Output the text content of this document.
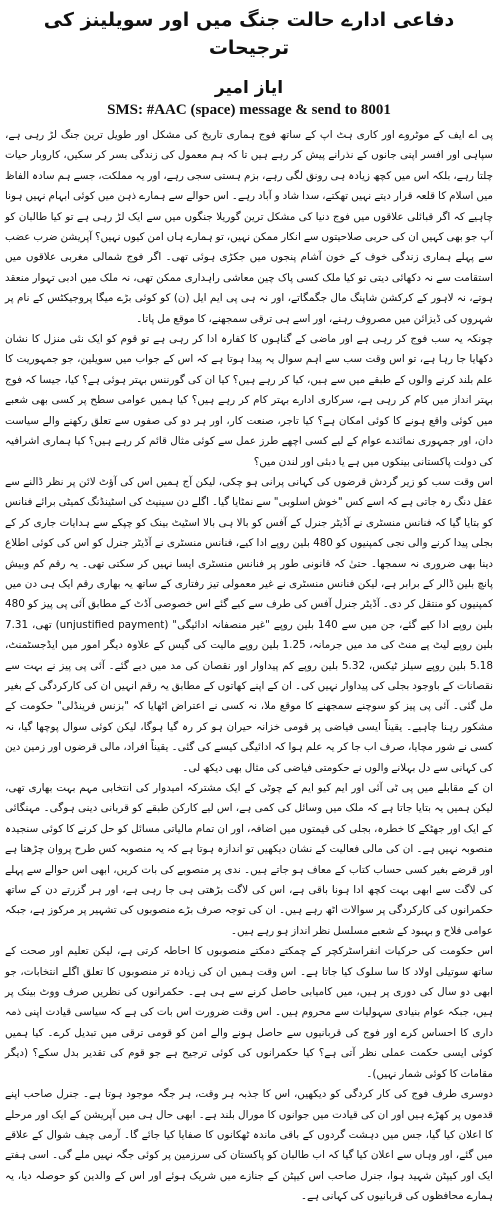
دفاعی ادارے حالت جنگ میں اور سویلینز کی ترجیحات
ایاز امیر
SMS: #AAC (space) message & send to 8001

پی اے ایف کے موٹروے اور کاری ہٹ اپ کے ساتھ فوج ہماری تاریخ کی مشکل اور طویل ترین جنگ لڑ رہی ہے، سپاہی اور افسر اپنی جانوں کے نذرانے پیش کر رہے ہیں تا کہ ہم معمول کی زندگی بسر کر سکیں، کاروبار حیات چلتا رہے، بلکہ اس میں کچھ زیادہ ہی رونق لگی رہے، بزم ہستی سجی رہے، اور یہ مملکت، جسے ہم سادہ الفاظ میں اسلام کا قلعہ قرار دیتے نہیں تھکتے، سدا شاد و آباد رہے۔ اس حوالے سے ہمارے ذہن میں کوئی ابہام نہیں ہونا چاہیے کہ اگر قبائلی علاقوں میں فوج دنیا کی مشکل ترین گوریلا جنگوں میں سے ایک لڑ رہی ہے تو کیا طالبان کو آپ جو بھی کہیں ان کی حربی صلاحیتوں سے انکار ممکن نہیں، تو ہمارے ہاں امن کیوں نہیں؟ آپریشن ضرب عضب سے پہلے ہماری زندگی خوف کے خون آشام پنجوں میں جکڑی ہوئی تھی۔ اگر فوج شمالی مغربی علاقوں میں استقامت سے نہ دکھائی دیتی تو کیا ملک کسی پاک چین معاشی راہداری ممکن تھی، نہ ملک میں ادبی تہوار منعقد ہوتے، نہ لاہور کے کرکشن شاپنگ مال جگمگاتے، اور نہ ہی پی ایم ایل (ن) کو کوئی بڑے میگا پروجیکٹس کے نام پر شہروں کی ڈیزائن میں مصروف رہنے، اور اسے ہی ترقی سمجھنے، کا موقع مل پاتا۔

چونکہ یہ سب فوج کر رہی ہے اور ماضی کے گناہوں کا کفارہ ادا کر رہی ہے تو قوم کو ایک نئی منزل کا نشان دکھایا جا رہا ہے، تو اس وقت سب سے اہم سوال یہ پیدا ہوتا ہے کہ اس کے جواب میں سویلین، جو جمہوریت کا علم بلند کرنے والوں کے طبقے میں سے ہیں، کیا کر رہے ہیں؟ کیا ان کی گورننس بہتر ہوئی ہے؟ کیا، جیسا کہ فوج بہتر انداز میں کام کر رہی ہے، سرکاری ادارے بہتر کام کر رہے ہیں؟ کیا ہمیں عوامی سطح پر کسی بھی شعبے میں کوئی واقع ہونے کا کوئی امکان ہے؟ کیا تاجر، صنعت کار، اور ہر دو کی صفوں سے تعلق رکھنے والے سیاست دان، اور جمہوری نمائندے عوام کے لیے کسی اچھے طرز عمل سے کوئی مثال قائم کر رہے ہیں؟ کیا ہماری اشرافیہ کی دولت پاکستانی بینکوں میں ہے یا دبئی اور لندن میں؟

اس وقت سب کو زیر گردش قرضوں کی کہانی پرانی ہو چکی، لیکن آج ہمیں اس کی آؤٹ لائن پر نظر ڈالنے سے عقل دنگ رہ جاتی ہے کہ اسے کس "خوش اسلوبی" سے نمٹایا گیا۔ اگلے دن سینیٹ کی اسٹینڈنگ کمیٹی برائے فنانس کو بتایا گیا کہ فنانس منسٹری نے آڈیٹر جنرل کے آفس کو بالا ہی بالا اسٹیٹ بینک کو چپکے سے ہدایات جاری کر کے بجلی پیدا کرنے والی نجی کمپنیوں کو 480 بلین روپے ادا کیے، فنانس منسٹری نے آڈیٹر جنرل کو اس کی کوئی اطلاع دینا بھی ضروری نہ سمجھا۔ حتیٰ کہ قانونی طور پر فنانس منسٹری ایسا نہیں کر سکتی تھی۔ یہ رقم کم وبیش پانچ بلین ڈالر کے برابر ہے، لیکن فنانس منسٹری نے غیر معمولی تیز رفتاری کے ساتھ یہ بھاری رقم ایک ہی دن میں کمپنیوں کو منتقل کر دی۔ آڈیٹر جنرل آفس کی طرف سے کیے گئے اس خصوصی آڈٹ کے مطابق آئی پی پیز کو 480 بلین روپے ادا کیے گئے، جن میں سے 140 بلین روپے "غیر منصفانہ ادائیگی" (unjustified payment) تھی، 7.31 بلین روپے لیٹ پے منٹ کی مد میں جرمانہ، 1.25 بلین روپے مالیت کی گیس کے علاوہ دیگر امور میں ایڈجسٹمنٹ، 5.18 بلین روپے سیلز ٹیکس، 5.32 بلین روپے کم پیداوار اور نقصان کی مد میں دیے گئے۔ آئی پی پیز نے بہت سے نقصانات کے باوجود بجلی کی پیداوار نہیں کی۔ ان کے اپنے کھاتوں کے مطابق یہ رقم انہیں ان کی کارکردگی کے بغیر مل گئی۔ آئی پی پیز کو سوچنے سمجھنے کا موقع ملا، نہ کسی نے اعتراض اٹھایا کہ "بزنس فرینڈلی" حکومت کے مشکور رہنا چاہیے۔ یقیناً ایسی فیاضی پر قومی خزانہ حیران ہو کر رہ گیا ہوگا، لیکن کوئی سوال پوچھا گیا، نہ کسی نے شور مچایا، صرف اب جا کر یہ علم ہوا کہ ادائیگی کیسے کی گئی۔ یقیناً افراد، مالی قرضوں اور زمین دین کی کہانی سے دل بہلانے والوں نے حکومتی فیاضی کی مثال بھی دیکھ لی۔

ان کے مقابلے میں پی ٹی آئی اور ایم کیو ایم کے چوٹی کے ایک مشترکہ امیدوار کی انتخابی مہم بہت بھاری تھی، لیکن ہمیں یہ بتایا جاتا ہے کہ ملک میں وسائل کی کمی ہے، اس لیے کارکن طبقے کو قربانی دینی ہوگی۔ مہنگائی کے ایک اور جھٹکے کا خطرہ، بجلی کی قیمتوں میں اضافہ، اور ان تمام مالیاتی مسائل کو حل کرنے کا کوئی سنجیدہ منصوبہ نہیں ہے۔ ان کی مالی فعالیت کے نشان دیکھیں تو اندازہ ہوتا ہے کہ یہ منصوبہ کس طرح پروان چڑھتا ہے اور قرضے بغیر کسی حساب کتاب کے معاف ہو جاتے ہیں۔ ندی پر منصوبے کی بات کریں، ابھی اس حوالے سے پہلے کی لاگت سے ابھی بہت کچھ ادا ہونا باقی ہے، اس کی لاگت بڑھتی ہی جا رہی ہے، اور ہر گزرتے دن کے ساتھ حکمرانوں کی کارکردگی پر سوالات اٹھ رہے ہیں۔ ان کی توجہ صرف بڑے منصوبوں کی تشہیر پر مرکوز ہے، جبکہ عوامی فلاح و بہبود کے شعبے مسلسل نظر انداز ہو رہے ہیں۔

اس حکومت کی حرکیات انفراسٹرکچر کے چمکتے دمکتے منصوبوں کا احاطہ کرتی ہے، لیکن تعلیم اور صحت کے ساتھ سوتیلی اولاد کا سا سلوک کیا جاتا ہے۔ اس وقت ہمیں ان کی زیادہ تر منصوبوں کا تعلق اگلے انتخابات، جو ابھی دو سال کی دوری پر ہیں، میں کامیابی حاصل کرنے سے ہی ہے۔ حکمرانوں کی نظریں صرف ووٹ بینک پر ہیں، جبکہ عوام بنیادی سہولیات سے محروم ہیں۔ اس وقت ضرورت اس بات کی ہے کہ سیاسی قیادت اپنی ذمہ داری کا احساس کرے اور فوج کی قربانیوں سے حاصل ہونے والے امن کو قومی ترقی میں تبدیل کرے۔ کیا ہمیں کوئی ایسی حکمت عملی نظر آتی ہے؟ کیا حکمرانوں کی کوئی ترجیح ہے جو قوم کی تقدیر بدل سکے؟ (دیگر مقامات کا کوئی شمار نہیں)۔

دوسری طرف فوج کی کار کردگی کو دیکھیں، اس کا جذبہ ہر وقت، ہر جگہ موجود ہوتا ہے۔ جنرل صاحب اپنے قدموں پر کھڑے ہیں اور ان کی قیادت میں جوانوں کا مورال بلند ہے۔ ابھی حال ہی میں آپریشن کے ایک اور مرحلے کا اعلان کیا گیا، جس میں دہشت گردوں کے باقی ماندہ ٹھکانوں کا صفایا کیا جائے گا۔ آرمی چیف شوال کے علاقے میں گئے، اور وہاں سے اعلان کیا گیا کہ اب طالبان کو پاکستان کی سرزمین پر کوئی جگہ نہیں ملے گی۔ اسی ہفتے ایک اور کیپٹن شہید ہوا، جنرل صاحب اس کیپٹن کے جنازے میں شریک ہوئے اور اس کے والدین کو حوصلہ دیا، یہ ہمارے محافظوں کی قربانیوں کی کہانی ہے۔
